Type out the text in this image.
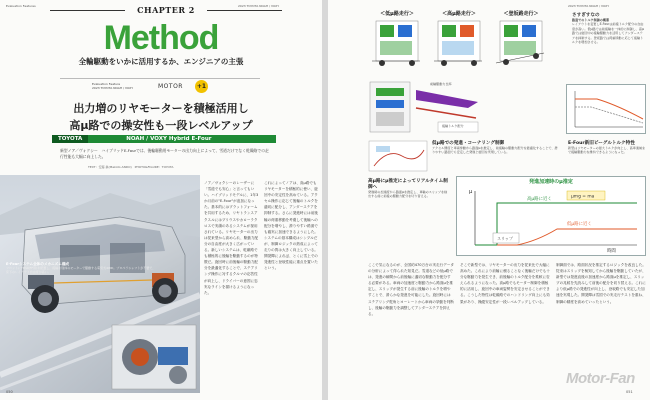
Evaluation Features	2023 TOYOTA NOAH / VOXY
CHAPTER 2
Method
全輪駆動をいかに活用するか、エンジニアの主張
Evaluation Feature
2023 TOYOTA NOAH / VOXY	MOTOR	+1
出力増のリヤモーターを積極活用し
高μ路での操安性も一段レベルアップ
TOYOTA	NOAH / VOXY Hybrid E-Four
新型ノア／ヴォクシー　ハイブリッドE-Fourでは、後輪駆動用モーターの出力向上によって、雪道だけでなく乾燥路での走行性能も大幅に向上した。
TEXT：安藤 眞(Makoto ANDO)　PHOTO&FIGURE：TOYOTA
E-Fourシステム全体のメカニズム構成
フロントにTHSⅡ(FF用)を配置し、後輪を別体のモーターで駆動する電気式4WD。プロペラシャフトが不要で、床下のレイアウト自由度が高い。
ノア／ヴォクシーのレーザーに「雪道でも安心」と言ってもいい。ハイブリッドモデルに、1年3か月前の"E-Four"が追加になった。基本的にはプラットフォームを共用するため、リヤトランスアクスルにはプリウスやカローラクロスで実績のあるシステムが採用されている。リヤモーターの出力は従来型から高められ、駆動力配分の自由度が大きく広がっている。新しいシステムは、乾燥路でも積極的に後輪を駆動するのが特徴だ。旋回時に前後輪の駆動力配分を最適化することで、ステアリング操作に対するクルマの応答性が向上し、ドライバーの意図に忠実なラインを描けるようになった。
これによってノアは、高μ路でもリヤモーターを積極的に使い、旋回中の安定性を高めている。アクセル操作に応じて後輪のトルクを適切に配分し、アンダーステアを抑制する。さらに発進時には前後輪の荷重移動を考慮して後輪への配分を増やし、滑りやすい路面でも確実に加速できるようにした。システムの基本構成はシンプルだが、制御ロジックの熟成によって走りの質は大きく向上している。開発陣によれば、とくに雪上での発進性と登坂性能に重点を置いたという。
050
2023 TOYOTA NOAH / VOXY
＜低μ路走行＞	＜高μ路走行＞	＜登坂路走行＞	さすぎすなの
路面でのトルク制御の概要
レイアウトを変更しE-Fourは前後トルク配分の自由度が高い。低μ路では前後輪を一体的に制御し、高μ路では旋回中の後輪駆動力を活用してアンダーステアを抑制する。登坂路では荷重移動に応じて後輪トルクを増加させる。
前輪駆動力比率
後輪トルク配分
低μ路での発進・コーナリング制御
アクセル開度と車両挙動から路面μを推定し、前後輪の駆動力配分を最適化することで、滑りやすい路面でも安定した発進と旋回を実現している。
E-Four新旧ビーグルトルク特性
新型はリヤモーターの最大トルクが向上し、高車速域まで後輪駆動力を維持できるようになった。
高μ路にμ推定によってリアルタイム制御へ
発進時の加速度から路面μを推定し、車輪のスリップを検出する前に前後の駆動力配分を切り替える。
発進加速時のμ推定
μ
スリップ
μmg = ma
高μ路に近く
低μ路に近く
時間
ここで気になるのが、全国約470万台の実走行データの分析によって得られた知見だ。雪道などの低μ路では、発進の瞬間から前後輪に適切な駆動力を配分する必要がある。車両の加速度と駆動力から路面μを推定し、スリップが発生する前に後輪のトルクを増やすことで、滑らかな発進を可能にした。旋回時にはステアリング舵角とヨーレートから車両の挙動を判断し、後輪の駆動力を調整してアンダーステアを抑える。
そこで新型では、リヤモーターの出力を従来比で大幅に高めた。これにより前輪に頼ることなく後輪だけでも十分な駆動力を発生でき、前後輪のトルク配分を柔軟に変えられるようになった。高μ路でもモーター制御を積極的に活用し、旋回中の車両姿勢を安定させることができる。こうした特性は乾燥路でのハンドリング向上にも効果があり、操縦安定性が一段レベルアップしている。
制御面では、路面状況を推定するロジックを改良した。従来はスリップを検知してから後輪を駆動していたが、新型では発進直後の加速度から路面μを推定し、スリップの兆候を先読みして前後の配分を切り替える。これにより低μ路での発進性が向上し、登坂路でも安定した加速を実現した。開発陣は雪国での実走行テストを重ね、制御の精度を高めていったという。
051
Motor-Fan
